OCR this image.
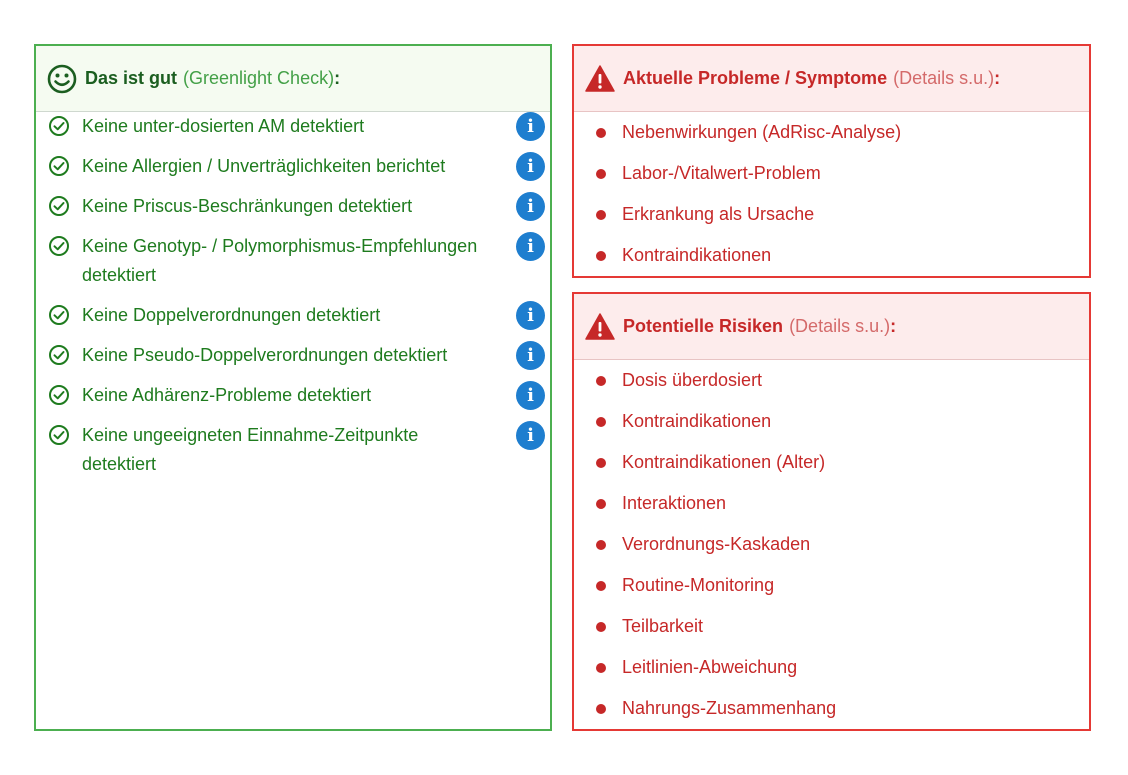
Das ist gut (Greenlight Check) :
Keine unter-dosierten AM detektiert	i
Keine Allergien / Unverträglichkeiten berichtet	i
Keine Priscus-Beschränkungen detektiert	i
Keine Genotyp- / Polymorphismus-Empfehlungen detektiert
i
Keine Doppelverordnungen detektiert	i
Keine Pseudo-Doppelverordnungen detektiert	i
Keine Adhärenz-Probleme detektiert	i
Keine ungeeigneten Einnahme-Zeitpunkte detektiert
i
Aktuelle Probleme / Symptome (Details s.u.) :
Nebenwirkungen (AdRisc-Analyse)
Labor-/Vitalwert-Problem
Erkrankung als Ursache
Kontraindikationen
Potentielle Risiken (Details s.u.) :
Dosis überdosiert
Kontraindikationen
Kontraindikationen (Alter)
Interaktionen
Verordnungs-Kaskaden
Routine-Monitoring
Teilbarkeit
Leitlinien-Abweichung
Nahrungs-Zusammenhang
